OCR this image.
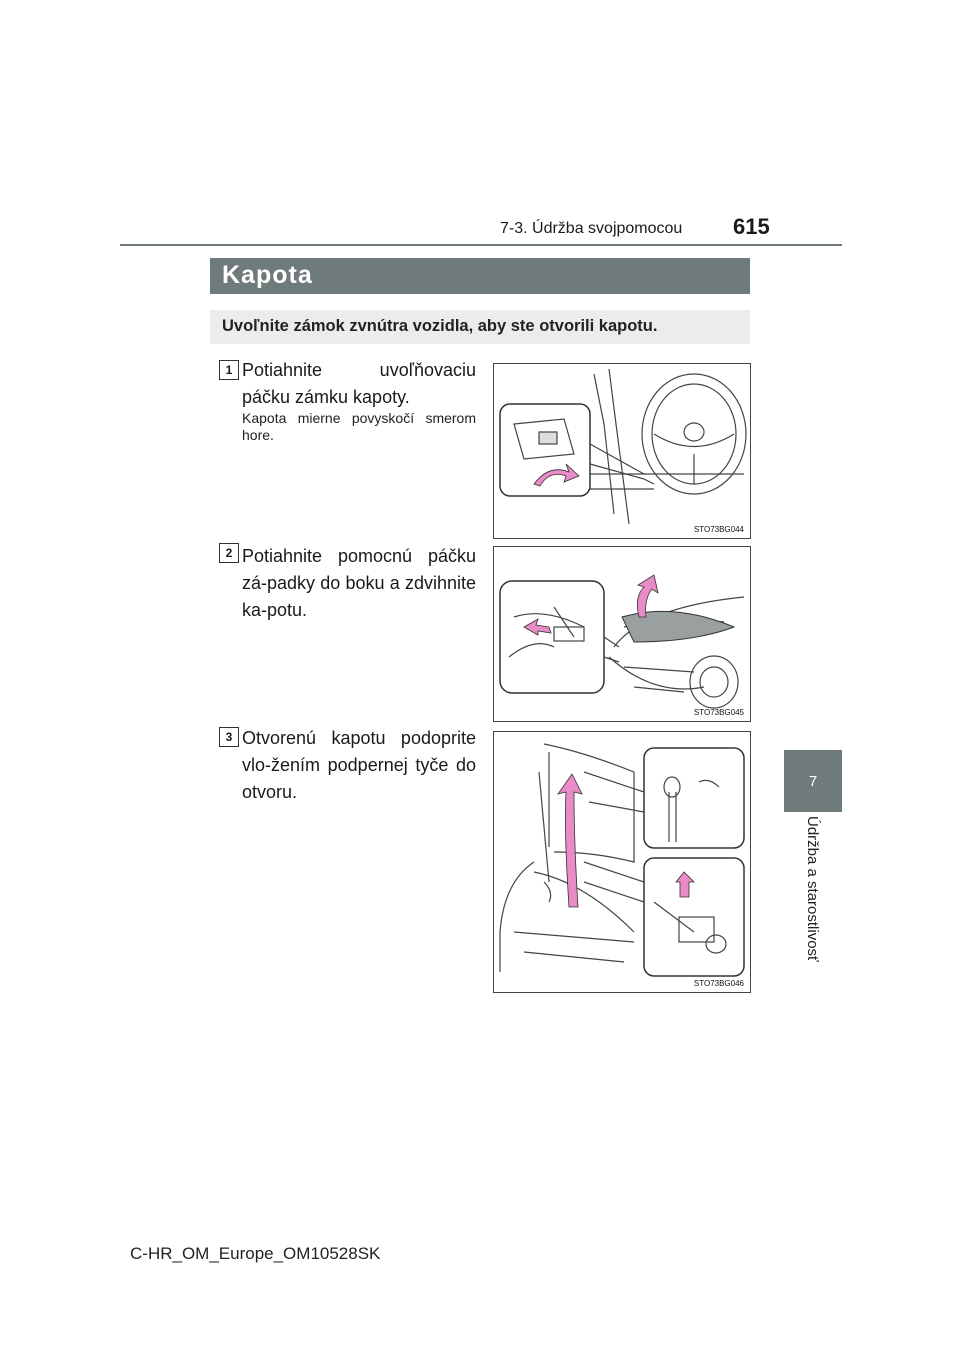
7-3. Údržba svojpomocou 615
7
Údržba a starostlivosť
Kapota
Uvoľnite zámok zvnútra vozidla, aby ste otvorili kapotu.
1 Potiahnite uvoľňovaciu páčku zámku kapoty.
Kapota mierne povyskočí smerom hore.
STO73BG044
2 Potiahnite pomocnú páčku zá-padky do boku a zdvihnite ka-potu.
STO73BG045
3 Otvorenú kapotu podoprite vlo-žením podpernej tyče do otvoru.
STO73BG046
C-HR_OM_Europe_OM10528SK
